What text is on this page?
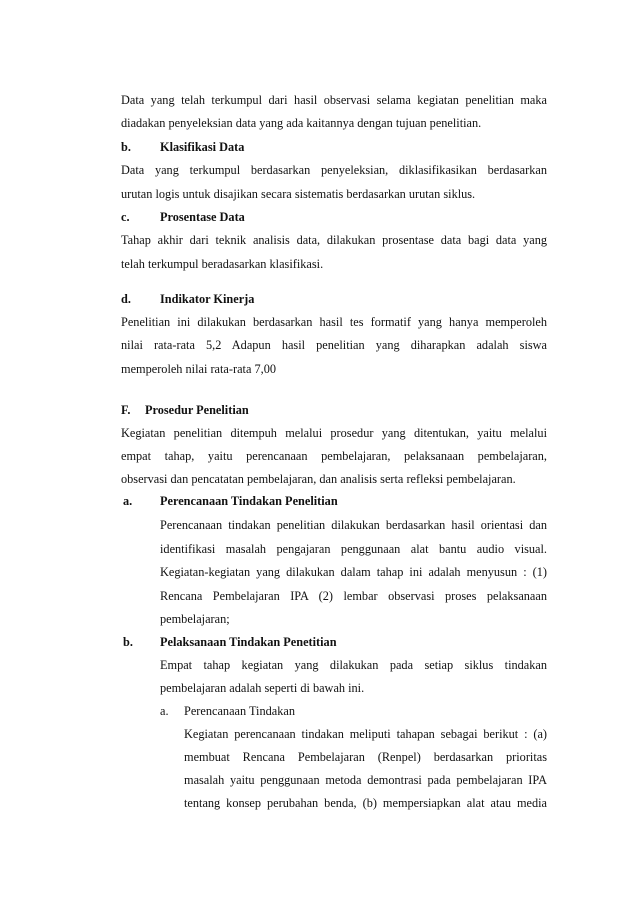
Data yang telah terkumpul dari hasil observasi selama kegiatan penelitian maka
diadakan penyeleksian data yang ada kaitannya dengan tujuan penelitian.
b. Klasifikasi Data
Data yang terkumpul berdasarkan penyeleksian, diklasifikasikan berdasarkan
urutan logis untuk disajikan secara sistematis berdasarkan urutan siklus.
c. Prosentase Data
Tahap akhir dari teknik analisis data, dilakukan prosentase data bagi data yang
telah terkumpul beradasarkan klasifikasi.
d. Indikator Kinerja
Penelitian ini dilakukan berdasarkan hasil tes formatif yang hanya memperoleh
nilai rata-rata 5,2 Adapun hasil penelitian yang diharapkan adalah siswa
memperoleh nilai rata-rata 7,00
F. Prosedur Penelitian
Kegiatan penelitian ditempuh melalui prosedur yang ditentukan, yaitu melalui
empat tahap, yaitu perencanaan pembelajaran, pelaksanaan pembelajaran,
observasi dan pencatatan pembelajaran, dan analisis serta refleksi pembelajaran.
a. Perencanaan Tindakan Penelitian
Perencanaan tindakan penelitian dilakukan berdasarkan hasil orientasi dan
identifikasi masalah pengajaran penggunaan alat bantu audio visual.
Kegiatan-kegiatan yang dilakukan dalam tahap ini adalah menyusun : (1)
Rencana Pembelajaran IPA (2) lembar observasi proses pelaksanaan
pembelajaran;
b. Pelaksanaan Tindakan Penetitian
Empat tahap kegiatan yang dilakukan pada setiap siklus tindakan
pembelajaran adalah seperti di bawah ini.
a. Perencanaan Tindakan
Kegiatan perencanaan tindakan meliputi tahapan sebagai berikut : (a)
membuat Rencana Pembelajaran (Renpel) berdasarkan prioritas
masalah yaitu penggunaan metoda demontrasi pada pembelajaran IPA
tentang konsep perubahan benda, (b) mempersiapkan alat atau media
